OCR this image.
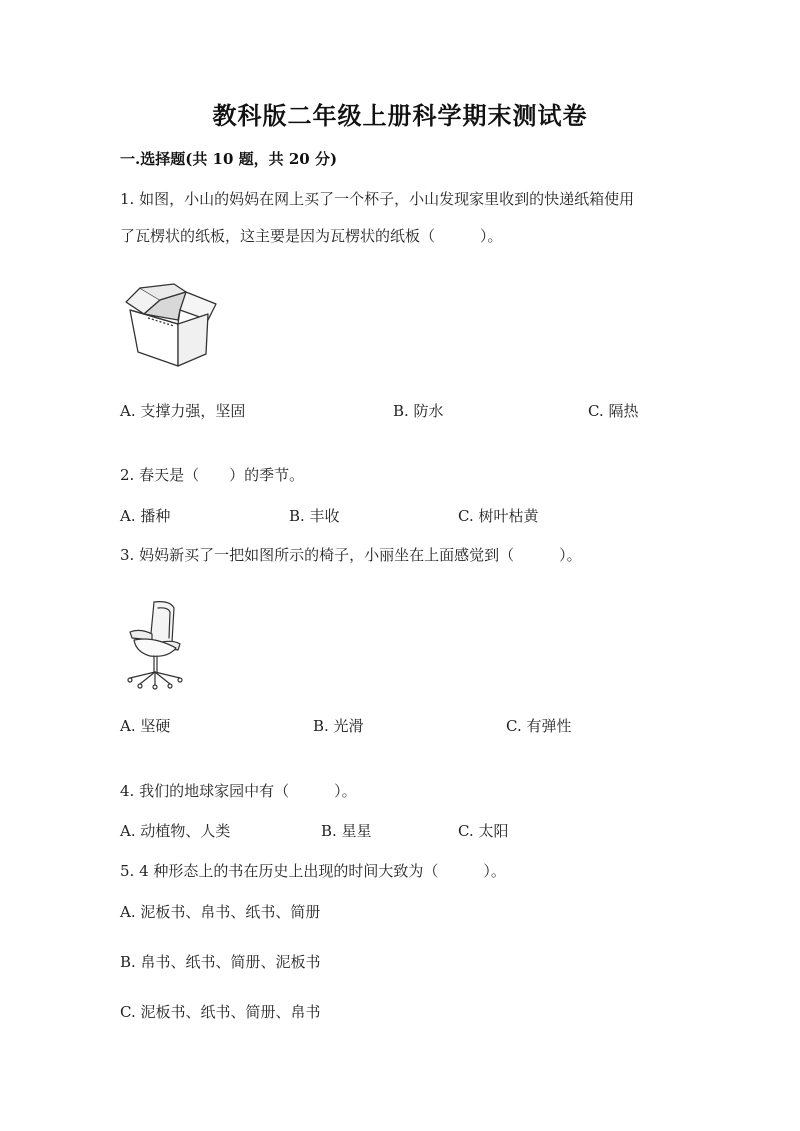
教科版二年级上册科学期末测试卷
一.选择题(共 10 题，共 20 分)
1. 如图，小山的妈妈在网上买了一个杯子，小山发现家里收到的快递纸箱使用
了瓦楞状的纸板，这主要是因为瓦楞状的纸板（　　　）。
A. 支撑力强，坚固	B. 防水	C. 隔热
2. 春天是（　　）的季节。
A. 播种	B. 丰收	C. 树叶枯黄
3. 妈妈新买了一把如图所示的椅子，小丽坐在上面感觉到（　　　）。
A. 坚硬	B. 光滑	C. 有弹性
4. 我们的地球家园中有（　　　）。
A. 动植物、人类	B. 星星	C. 太阳
5. 4 种形态上的书在历史上出现的时间大致为（　　　）。
A. 泥板书、帛书、纸书、简册
B. 帛书、纸书、简册、泥板书
C. 泥板书、纸书、简册、帛书
